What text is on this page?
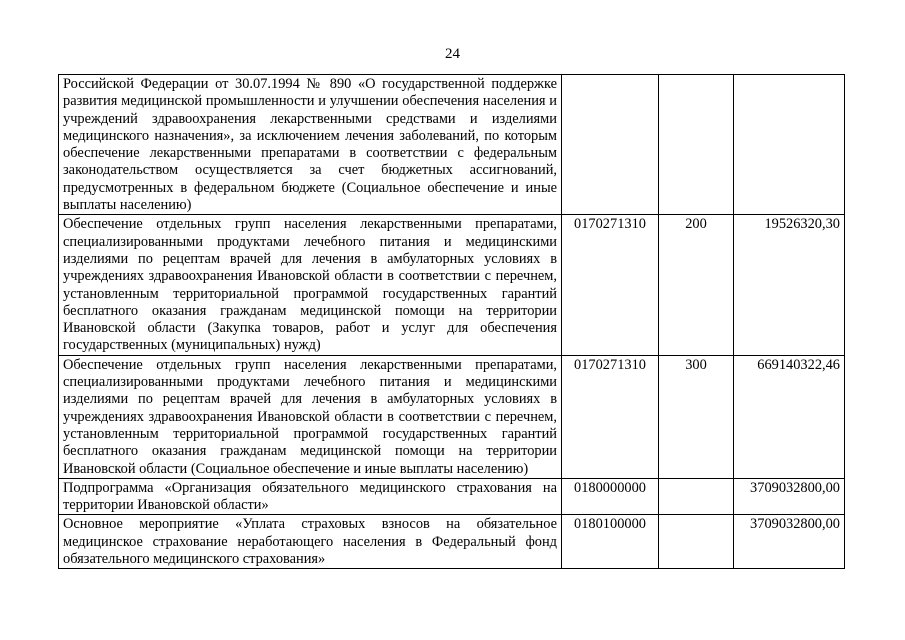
24
Российской Федерации от 30.07.1994 № 890 «О государственной поддержке развития медицинской промышленности и улучшении обеспечения населения и учреждений здравоохранения лекарственными средствами и изделиями медицинского назначения», за исключением лечения заболеваний, по которым обеспечение лекарственными препаратами в соответствии с федеральным законодательством осуществляется за счет бюджетных ассигнований, предусмотренных в федеральном бюджете (Социальное обеспечение и иные выплаты населению)			
Обеспечение отдельных групп населения лекарственными препаратами, специализированными продуктами лечебного питания и медицинскими изделиями по рецептам врачей для лечения в амбулаторных условиях в учреждениях здравоохранения Ивановской области в соответствии с перечнем, установленным территориальной программой государственных гарантий бесплатного оказания гражданам медицинской помощи на территории Ивановской области (Закупка товаров, работ и услуг для обеспечения государственных (муниципальных) нужд)	0170271310	200	19526320,30
Обеспечение отдельных групп населения лекарственными препаратами, специализированными продуктами лечебного питания и медицинскими изделиями по рецептам врачей для лечения в амбулаторных условиях в учреждениях здравоохранения Ивановской области в соответствии с перечнем, установленным территориальной программой государственных гарантий бесплатного оказания гражданам медицинской помощи на территории Ивановской области (Социальное обеспечение и иные выплаты населению)	0170271310	300	669140322,46
Подпрограмма «Организация обязательного медицинского страхования на территории Ивановской области»	0180000000		3709032800,00
Основное мероприятие «Уплата страховых взносов на обязательное медицинское страхование неработающего населения в Федеральный фонд обязательного медицинского страхования»	0180100000		3709032800,00
